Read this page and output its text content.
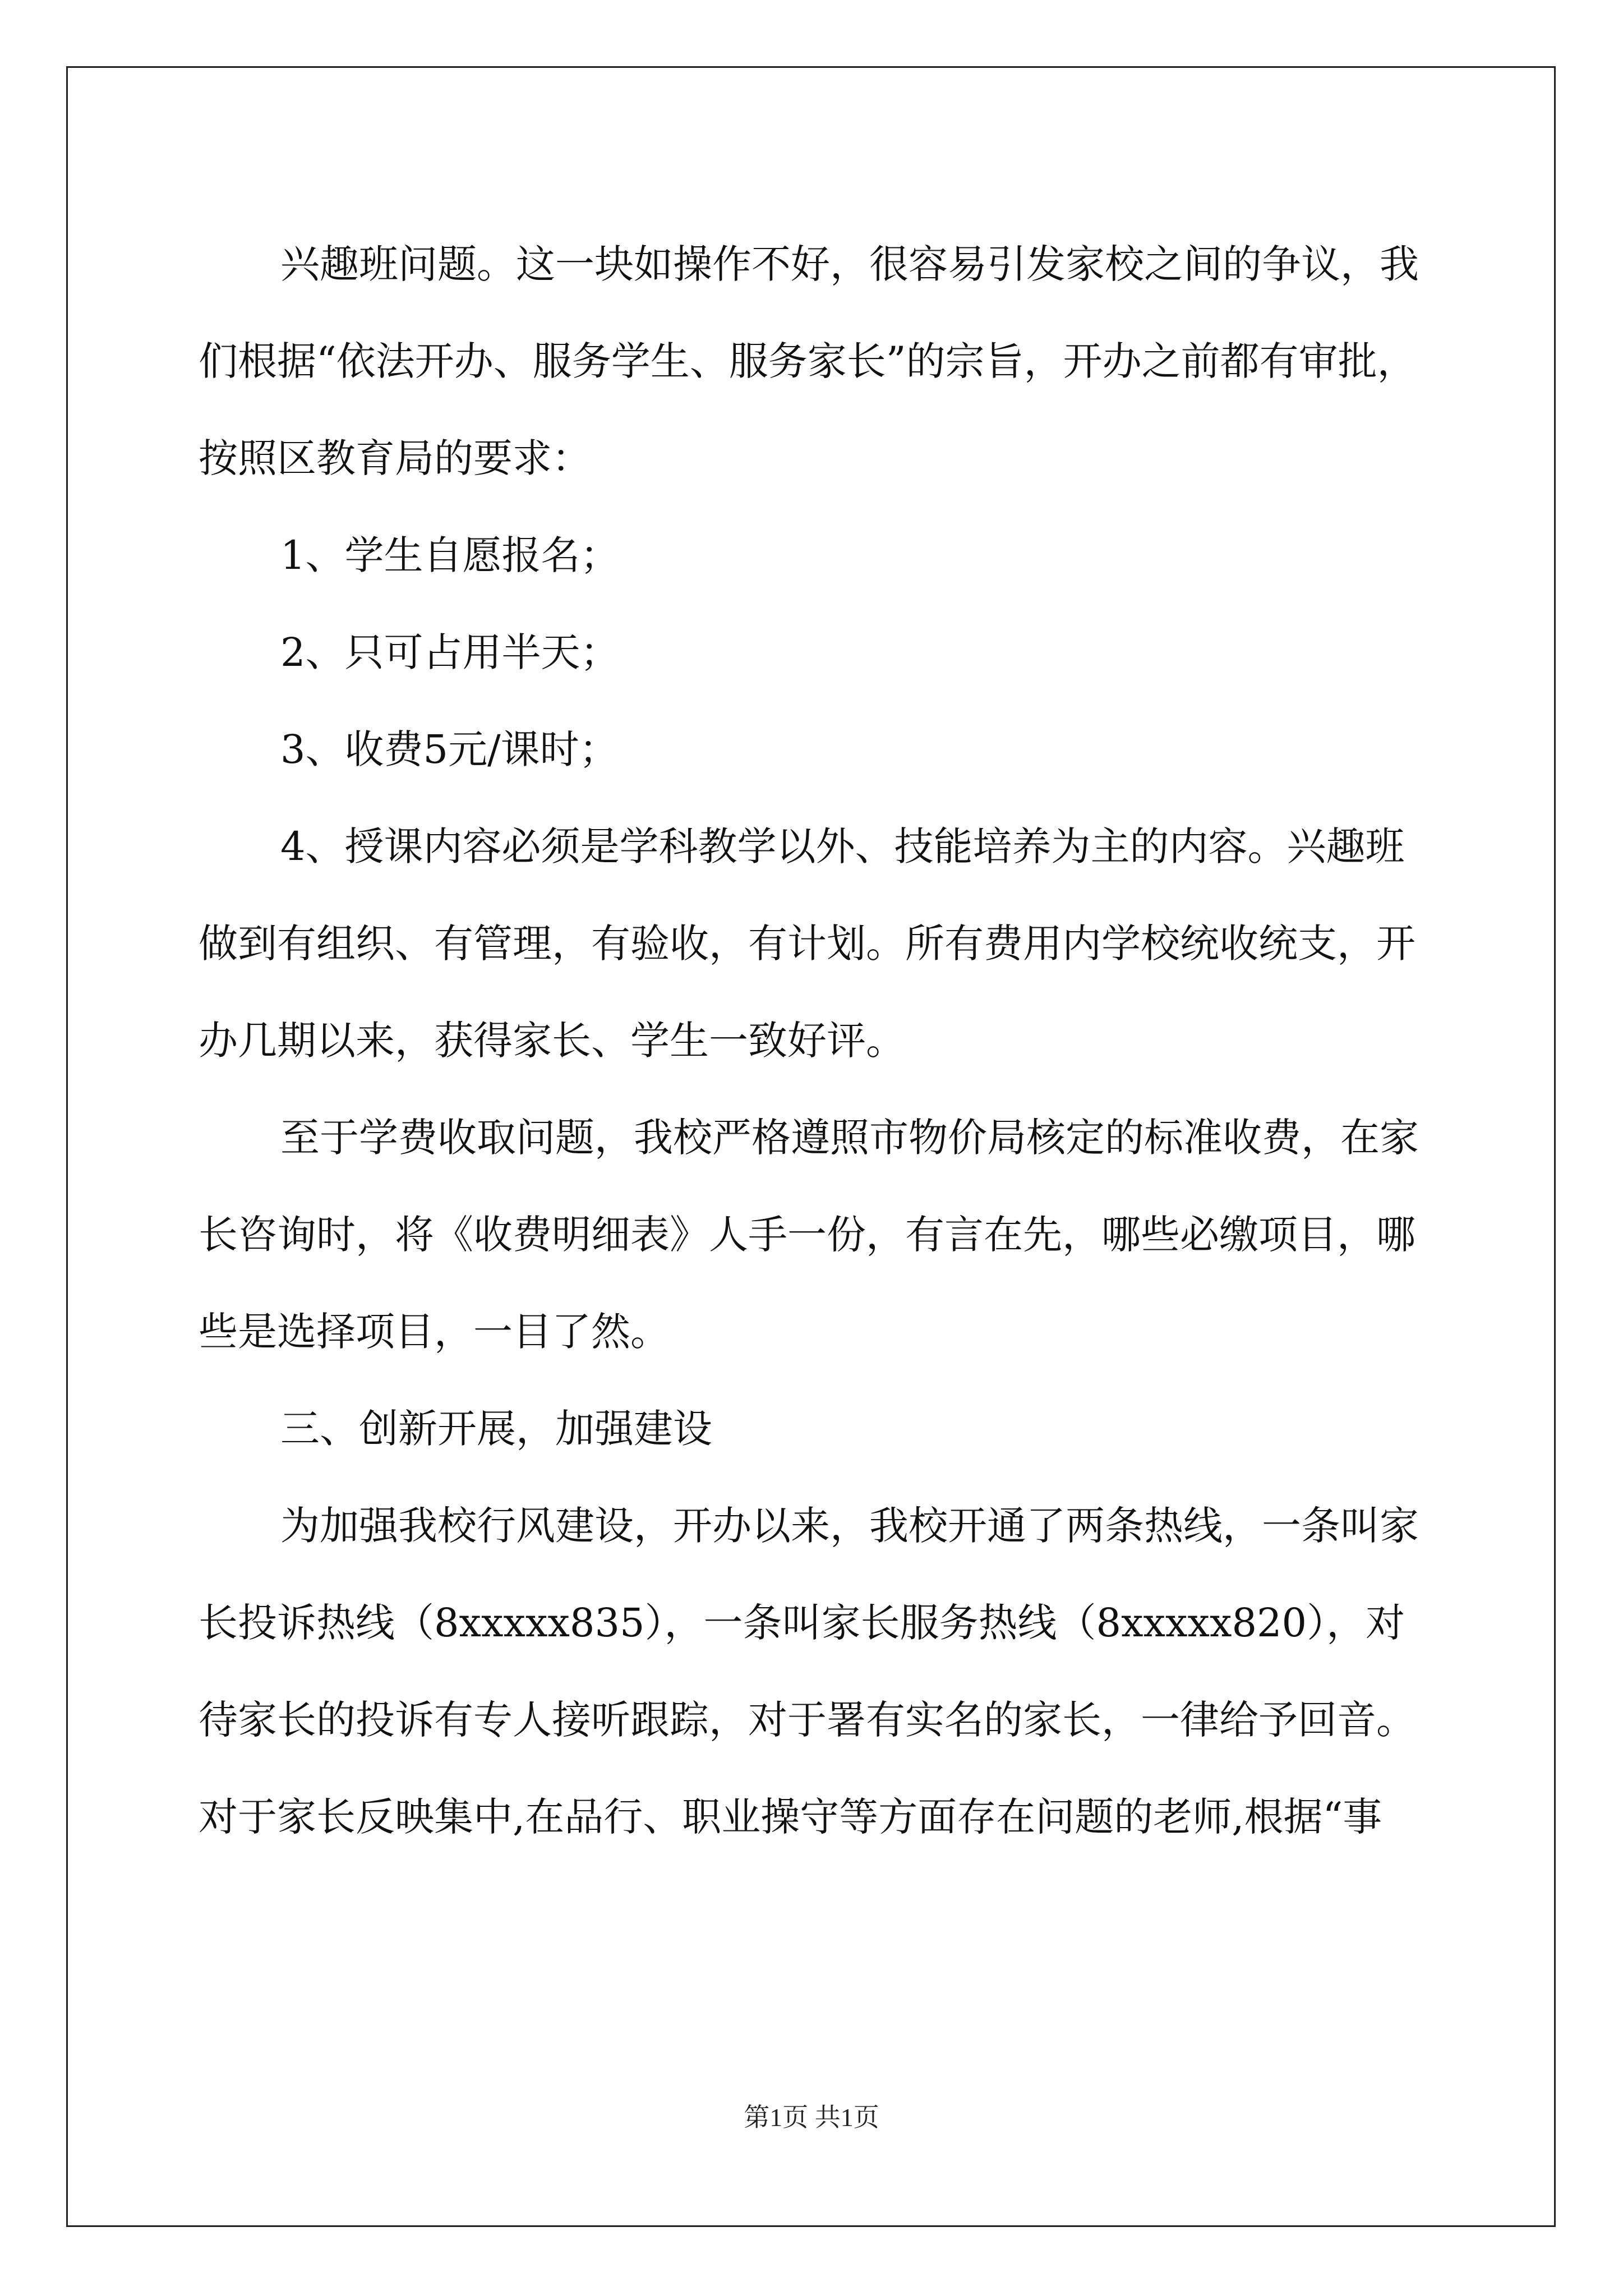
兴趣班问题。这一块如操作不好，很容易引发家校之间的争议，我们根据“依法开办、服务学生、服务家长”的宗旨，开办之前都有审批，按照区教育局的要求：

1、学生自愿报名；

2、只可占用半天；

3、收费5元/课时；

4、授课内容必须是学科教学以外、技能培养为主的内容。兴趣班做到有组织、有管理，有验收，有计划。所有费用内学校统收统支，开办几期以来，获得家长、学生一致好评。

至于学费收取问题，我校严格遵照市物价局核定的标准收费，在家长咨询时，将《收费明细表》人手一份，有言在先，哪些必缴项目，哪些是选择项目，一目了然。

三、创新开展，加强建设

为加强我校行风建设，开办以来，我校开通了两条热线，一条叫家长投诉热线（8xxxxx835），一条叫家长服务热线（8xxxxx820），对待家长的投诉有专人接听跟踪，对于署有实名的家长，一律给予回音。对于家长反映集中,在品行、职业操守等方面存在问题的老师,根据“事

第1页 共1页
